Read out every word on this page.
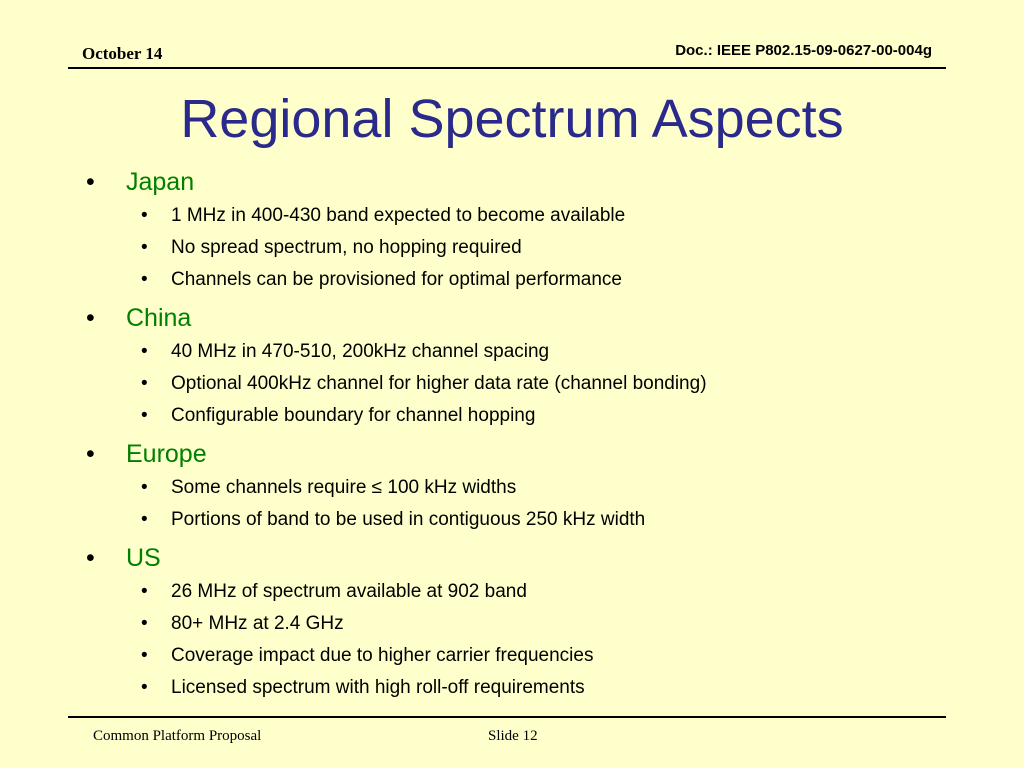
October 14	Doc.: IEEE P802.15-09-0627-00-004g
Regional Spectrum Aspects
• Japan
• 1 MHz in 400-430 band expected to become available
• No spread spectrum, no hopping required
• Channels can be provisioned for optimal performance
• China
• 40 MHz in 470-510, 200kHz channel spacing
• Optional 400kHz channel for higher data rate (channel bonding)
• Configurable boundary for channel hopping
• Europe
• Some channels require ≤ 100 kHz widths
• Portions of band to be used in contiguous 250 kHz width
• US
• 26 MHz of spectrum available at 902 band
• 80+ MHz at 2.4 GHz
• Coverage impact due to higher carrier frequencies
• Licensed spectrum with high roll-off requirements
Common Platform Proposal	Slide 12
